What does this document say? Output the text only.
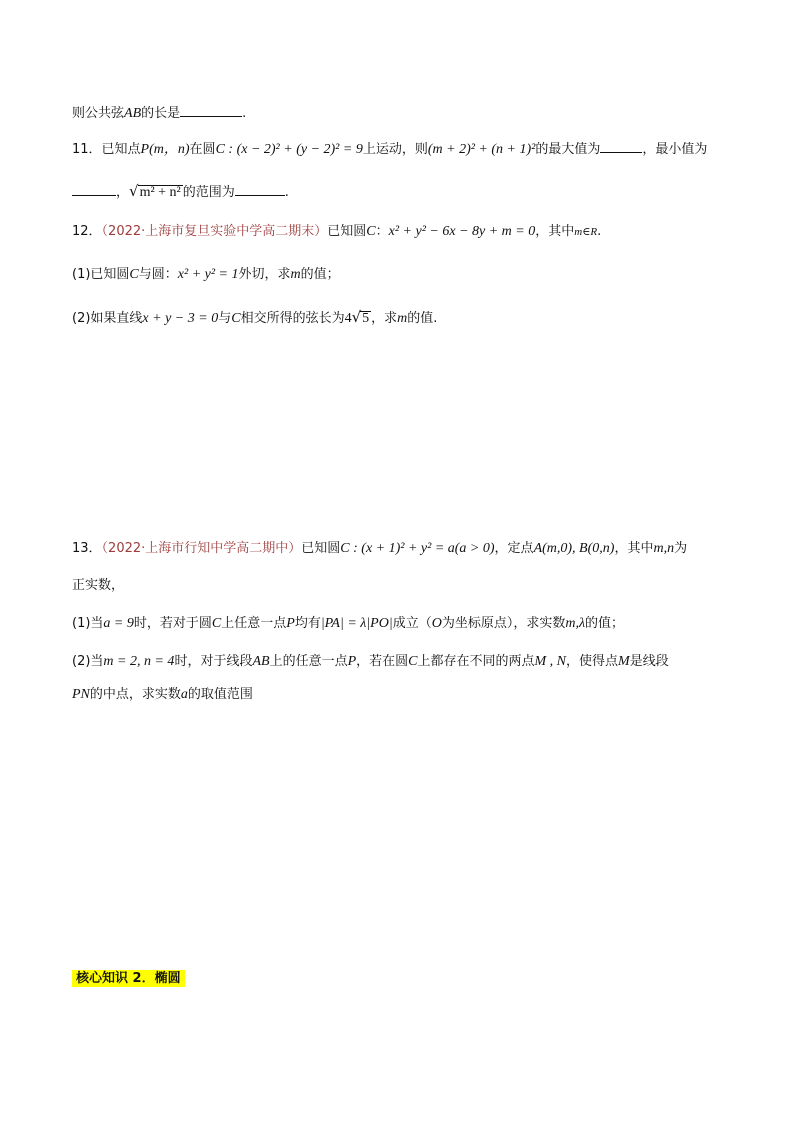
则公共弦AB的长是	.
11．已知点P(m，n)在圆C : (x − 2)² + (y − 2)² = 9上运动，则(m + 2)² + (n + 1)²的最大值为	，最小值为
，√m² + n² 的范围为	.
12．（2022·上海市复旦实验中学高二期末）已知圆C：x² + y² − 6x − 8y + m = 0，其中m∈R.
(1)已知圆C与圆：x² + y² = 1外切，求m的值；
(2)如果直线x + y − 3 = 0与C相交所得的弦长为4√5 ，求m的值.
13．（2022·上海市行知中学高二期中）已知圆C : (x + 1)² + y² = a(a > 0)，定点A(m,0), B(0,n)，其中m,n为
正实数，
(1)当a = 9时，若对于圆C上任意一点P均有|PA| = λ|PO|成立（O为坐标原点），求实数m,λ的值；
(2)当m = 2, n = 4时，对于线段AB上的任意一点P，若在圆C上都存在不同的两点M , N，使得点M是线段
PN的中点，求实数a的取值范围
核心知识 2．椭圆
